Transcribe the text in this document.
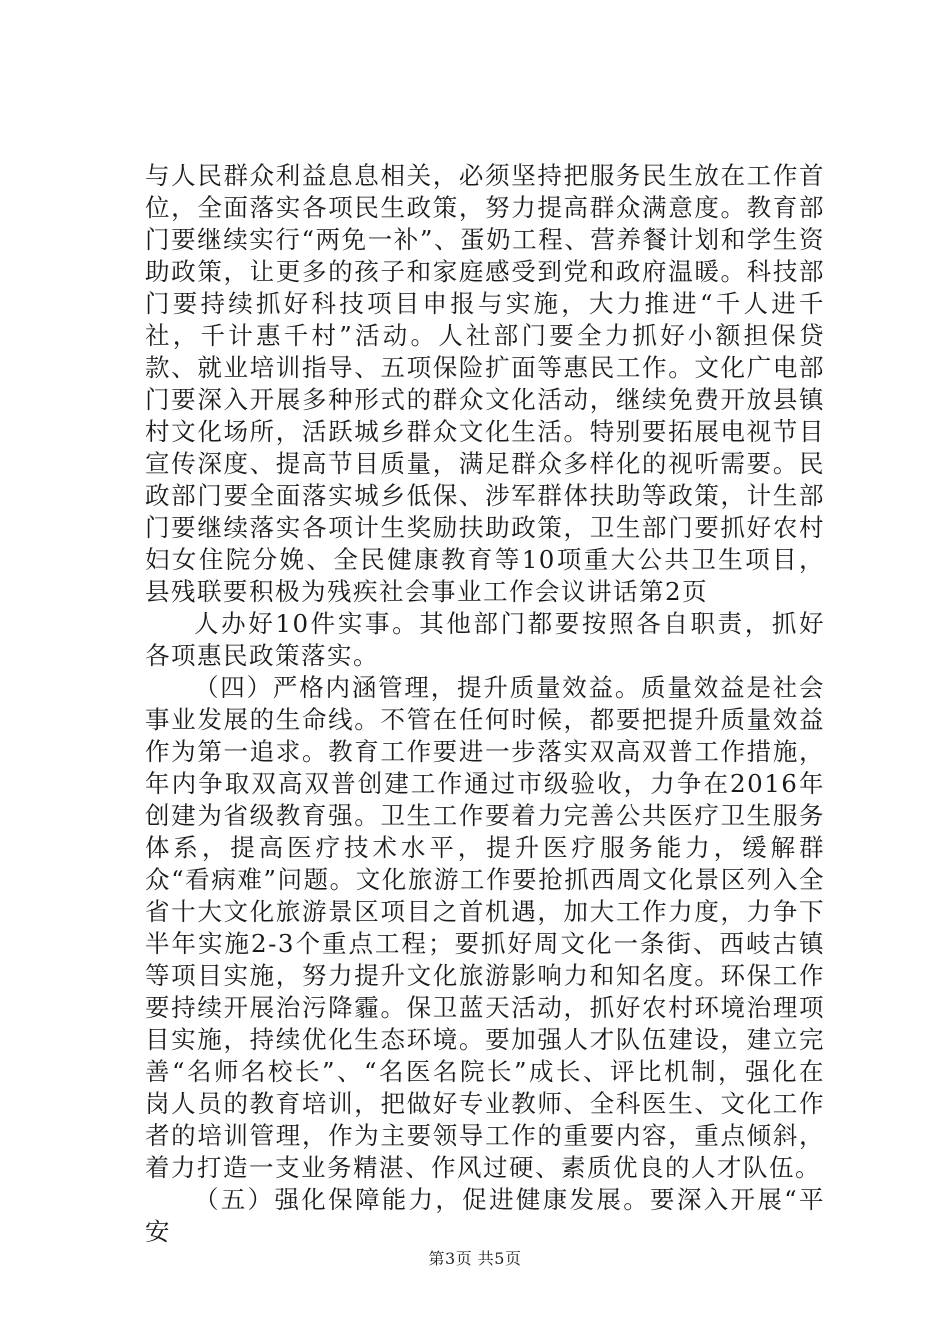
与人民群众利益息息相关，必须坚持把服务民生放在工作首位，全面落实各项民生政策，努力提高群众满意度。教育部门要继续实行“两免一补”、蛋奶工程、营养餐计划和学生资助政策，让更多的孩子和家庭感受到党和政府温暖。科技部门要持续抓好科技项目申报与实施，大力推进“千人进千社，千计惠千村”活动。人社部门要全力抓好小额担保贷款、就业培训指导、五项保险扩面等惠民工作。文化广电部门要深入开展多种形式的群众文化活动，继续免费开放县镇村文化场所，活跃城乡群众文化生活。特别要拓展电视节目宣传深度、提高节目质量，满足群众多样化的视听需要。民政部门要全面落实城乡低保、涉军群体扶助等政策，计生部门要继续落实各项计生奖励扶助政策，卫生部门要抓好农村妇女住院分娩、全民健康教育等10项重大公共卫生项目，县残联要积极为残疾社会事业工作会议讲话第2页

人办好10件实事。其他部门都要按照各自职责，抓好各项惠民政策落实。

（四）严格内涵管理，提升质量效益。质量效益是社会事业发展的生命线。不管在任何时候，都要把提升质量效益作为第一追求。教育工作要进一步落实双高双普工作措施，年内争取双高双普创建工作通过市级验收，力争在2016年创建为省级教育强。卫生工作要着力完善公共医疗卫生服务体系，提高医疗技术水平，提升医疗服务能力，缓解群众“看病难”问题。文化旅游工作要抢抓西周文化景区列入全省十大文化旅游景区项目之首机遇，加大工作力度，力争下半年实施2-3个重点工程；要抓好周文化一条街、西岐古镇等项目实施，努力提升文化旅游影响力和知名度。环保工作要持续开展治污降霾。保卫蓝天活动，抓好农村环境治理项目实施，持续优化生态环境。要加强人才队伍建设，建立完善“名师名校长”、“名医名院长”成长、评比机制，强化在岗人员的教育培训，把做好专业教师、全科医生、文化工作者的培训管理，作为主要领导工作的重要内容，重点倾斜，着力打造一支业务精湛、作风过硬、素质优良的人才队伍。

（五）强化保障能力，促进健康发展。要深入开展“平安

第3页 共5页
